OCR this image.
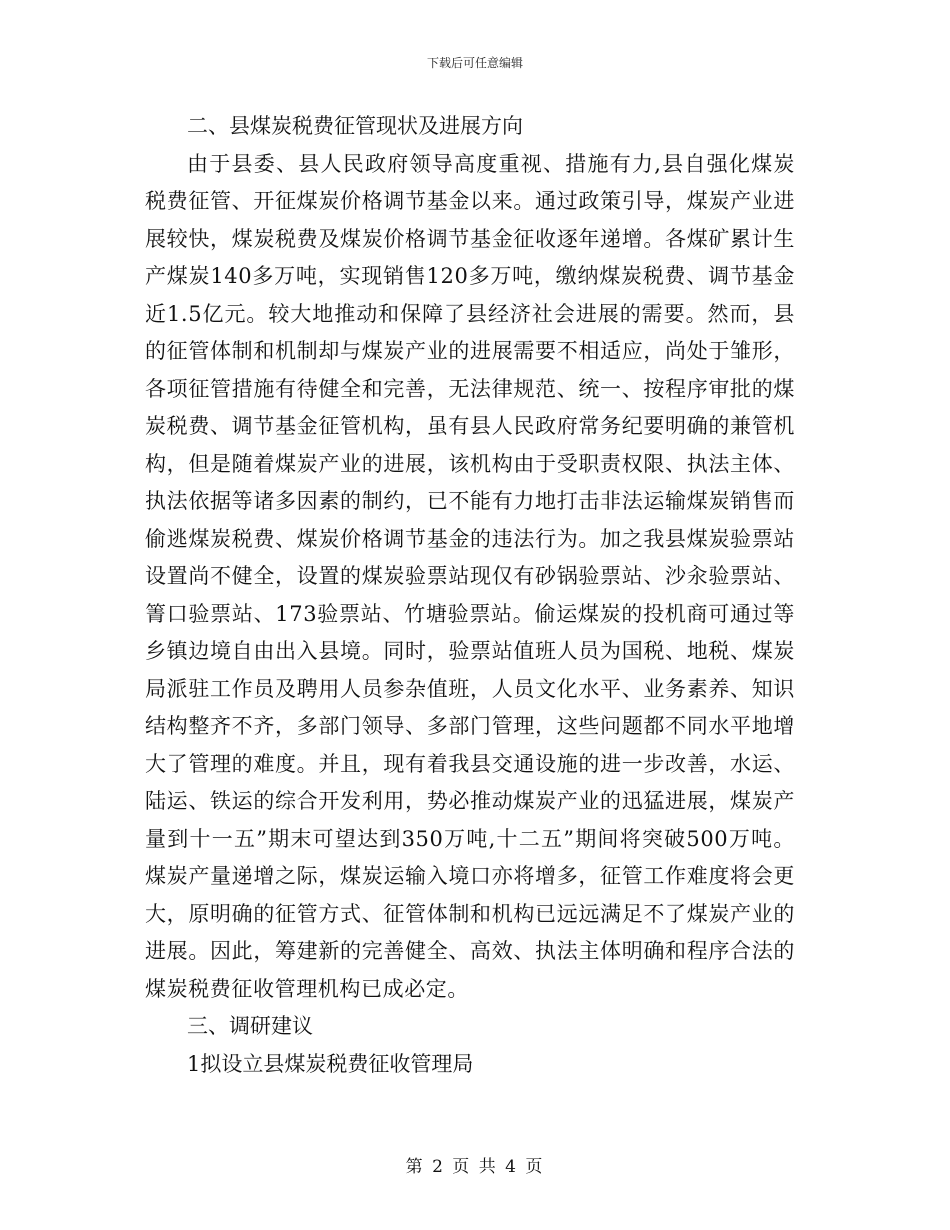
下载后可任意编辑

二、县煤炭税费征管现状及进展方向

由于县委、县人民政府领导高度重视、措施有力,县自强化煤炭税费征管、开征煤炭价格调节基金以来。通过政策引导，煤炭产业进展较快，煤炭税费及煤炭价格调节基金征收逐年递增。各煤矿累计生产煤炭140多万吨，实现销售120多万吨，缴纳煤炭税费、调节基金近1.5亿元。较大地推动和保障了县经济社会进展的需要。然而，县的征管体制和机制却与煤炭产业的进展需要不相适应，尚处于雏形，各项征管措施有待健全和完善，无法律规范、统一、按程序审批的煤炭税费、调节基金征管机构，虽有县人民政府常务纪要明确的兼管机构，但是随着煤炭产业的进展，该机构由于受职责权限、执法主体、执法依据等诸多因素的制约，已不能有力地打击非法运输煤炭销售而偷逃煤炭税费、煤炭价格调节基金的违法行为。加之我县煤炭验票站设置尚不健全，设置的煤炭验票站现仅有砂锅验票站、沙汆验票站、箐口验票站、173验票站、竹塘验票站。偷运煤炭的投机商可通过等乡镇边境自由出入县境。同时，验票站值班人员为国税、地税、煤炭局派驻工作员及聘用人员参杂值班，人员文化水平、业务素养、知识结构整齐不齐，多部门领导、多部门管理，这些问题都不同水平地增大了管理的难度。并且，现有着我县交通设施的进一步改善，水运、陆运、铁运的综合开发利用，势必推动煤炭产业的迅猛进展，煤炭产量到十一五”期末可望达到350万吨,十二五”期间将突破500万吨。煤炭产量递增之际，煤炭运输入境口亦将增多，征管工作难度将会更大，原明确的征管方式、征管体制和机构已远远满足不了煤炭产业的进展。因此，筹建新的完善健全、高效、执法主体明确和程序合法的煤炭税费征收管理机构已成必定。

三、调研建议

1拟设立县煤炭税费征收管理局

第 2 页 共 4 页
